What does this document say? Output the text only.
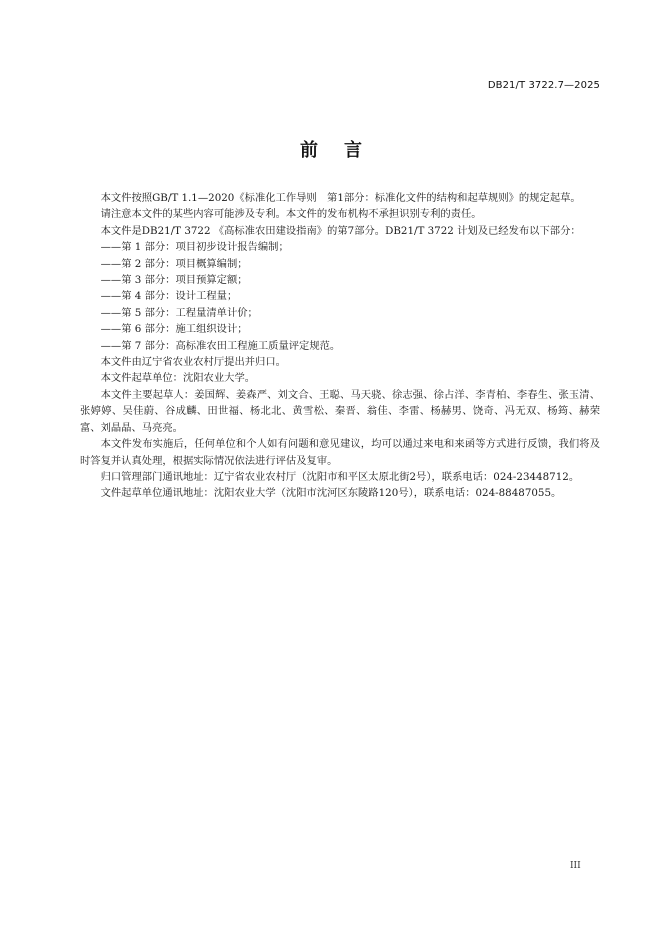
DB21/T 3722.7—2025
前言

本文件按照GB/T 1.1—2020《标准化工作导则　第1部分：标准化文件的结构和起草规则》的规定起草。

请注意本文件的某些内容可能涉及专利。本文件的发布机构不承担识别专利的责任。

本文件是DB21/T 3722 《高标准农田建设指南》的第7部分。DB21/T 3722 计划及已经发布以下部分：

——第 1 部分：项目初步设计报告编制；

——第 2 部分：项目概算编制；

——第 3 部分：项目预算定额；

——第 4 部分：设计工程量；

——第 5 部分：工程量清单计价；

——第 6 部分：施工组织设计；

——第 7 部分：高标准农田工程施工质量评定规范。

本文件由辽宁省农业农村厅提出并归口。

本文件起草单位：沈阳农业大学。

本文件主要起草人：姜国辉、姜森严、刘文合、王聪、马天骁、徐志强、徐占洋、李青柏、李春生、张玉清、张婷婷、吴佳蔚、谷成麟、田世福、杨北北、黄雪松、秦晋、翁佳、李雷、杨赫男、饶奇、冯无双、杨筠、赫荣富、刘晶晶、马亮亮。

本文件发布实施后，任何单位和个人如有问题和意见建议，均可以通过来电和来函等方式进行反馈，我们将及时答复并认真处理，根据实际情况依法进行评估及复审。

归口管理部门通讯地址：辽宁省农业农村厅（沈阳市和平区太原北街2号），联系电话：024-23448712。

文件起草单位通讯地址：沈阳农业大学（沈阳市沈河区东陵路120号），联系电话：024-88487055。

III
